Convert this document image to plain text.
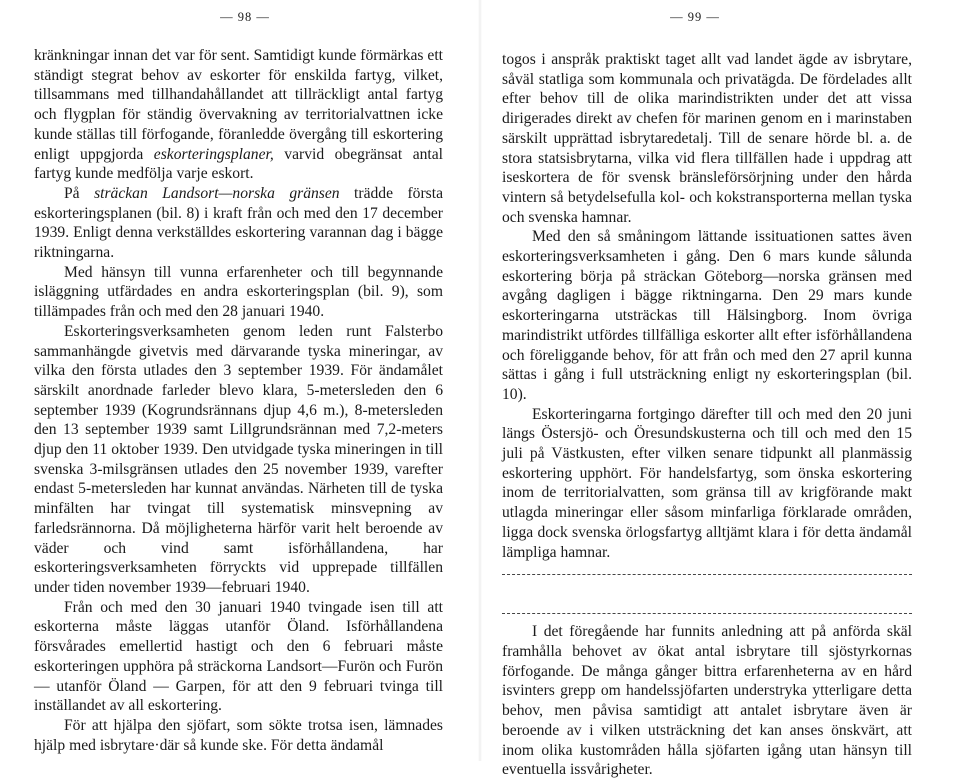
— 98 —

kränkningar innan det var för sent. Samtidigt kunde förmärkas ett ständigt stegrat behov av eskorter för enskilda fartyg, vilket, tillsammans med tillhandahållandet att tillräckligt antal fartyg och flygplan för ständig övervakning av territorialvattnen icke kunde ställas till förfogande, föranledde övergång till eskortering enligt uppgjorda eskorteringsplaner, varvid obegränsat antal fartyg kunde medfölja varje eskort.

På sträckan Landsort—norska gränsen trädde första eskorteringsplanen (bil. 8) i kraft från och med den 17 december 1939. Enligt denna verkställdes eskortering varannan dag i bägge riktningarna.

Med hänsyn till vunna erfarenheter och till begynnande isläggning utfärdades en andra eskorteringsplan (bil. 9), som tillämpades från och med den 28 januari 1940.

Eskorteringsverksamheten genom leden runt Falsterbo sammanhängde givetvis med därvarande tyska mineringar, av vilka den första utlades den 3 september 1939. För ändamålet särskilt anordnade farleder blevo klara, 5-metersleden den 6 september 1939 (Kogrundsrännans djup 4,6 m.), 8-metersleden den 13 september 1939 samt Lillgrundsrännan med 7,2-meters djup den 11 oktober 1939. Den utvidgade tyska mineringen in till svenska 3-milsgränsen utlades den 25 november 1939, varefter endast 5-metersleden har kunnat användas. Närheten till de tyska minfälten har tvingat till systematisk minsvepning av farledsrännorna. Då möjligheterna härför varit helt beroende av väder och vind samt isförhållandena, har eskorteringsverksamheten förryckts vid upprepade tillfällen under tiden november 1939—februari 1940.

Från och med den 30 januari 1940 tvingade isen till att eskorterna måste läggas utanför Öland. Isförhållandena försvårades emellertid hastigt och den 6 februari måste eskorteringen upphöra på sträckorna Landsort—Furön och Furön — utanför Öland — Garpen, för att den 9 februari tvinga till inställandet av all eskortering.

För att hjälpa den sjöfart, som sökte trotsa isen, lämnades hjälp med isbrytare·där så kunde ske. För detta ändamål

— 99 —

togos i anspråk praktiskt taget allt vad landet ägde av isbrytare, såväl statliga som kommunala och privatägda. De fördelades allt efter behov till de olika marindistrikten under det att vissa dirigerades direkt av chefen för marinen genom en i marinstaben särskilt upprättad isbrytaredetalj. Till de senare hörde bl. a. de stora statsisbrytarna, vilka vid flera tillfällen hade i uppdrag att iseskortera de för svensk bränsleförsörjning under den hårda vintern så betydelsefulla kol- och kokstransporterna mellan tyska och svenska hamnar.

Med den så småningom lättande issituationen sattes även eskorteringsverksamheten i gång. Den 6 mars kunde sålunda eskortering börja på sträckan Göteborg—norska gränsen med avgång dagligen i bägge riktningarna. Den 29 mars kunde eskorteringarna utsträckas till Hälsingborg. Inom övriga marindistrikt utfördes tillfälliga eskorter allt efter isförhållandena och föreliggande behov, för att från och med den 27 april kunna sättas i gång i full utsträckning enligt ny eskorteringsplan (bil. 10).

Eskorteringarna fortgingo därefter till och med den 20 juni längs Östersjö- och Öresundskusterna och till och med den 15 juli på Västkusten, efter vilken senare tidpunkt all planmässig eskortering upphört. För handelsfartyg, som önska eskortering inom de territorialvatten, som gränsa till av krigförande makt utlagda mineringar eller såsom minfarliga förklarade områden, ligga dock svenska örlogsfartyg alltjämt klara i för detta ändamål lämpliga hamnar.

I det föregående har funnits anledning att på anförda skäl framhålla behovet av ökat antal isbrytare till sjöstyrkornas förfogande. De många gånger bittra erfarenheterna av en hård isvinters grepp om handelssjöfarten understryka ytterligare detta behov, men påvisa samtidigt att antalet isbrytare även är beroende av i vilken utsträckning det kan anses önskvärt, att inom olika kustområden hålla sjöfarten igång utan hänsyn till eventuella issvårigheter.
